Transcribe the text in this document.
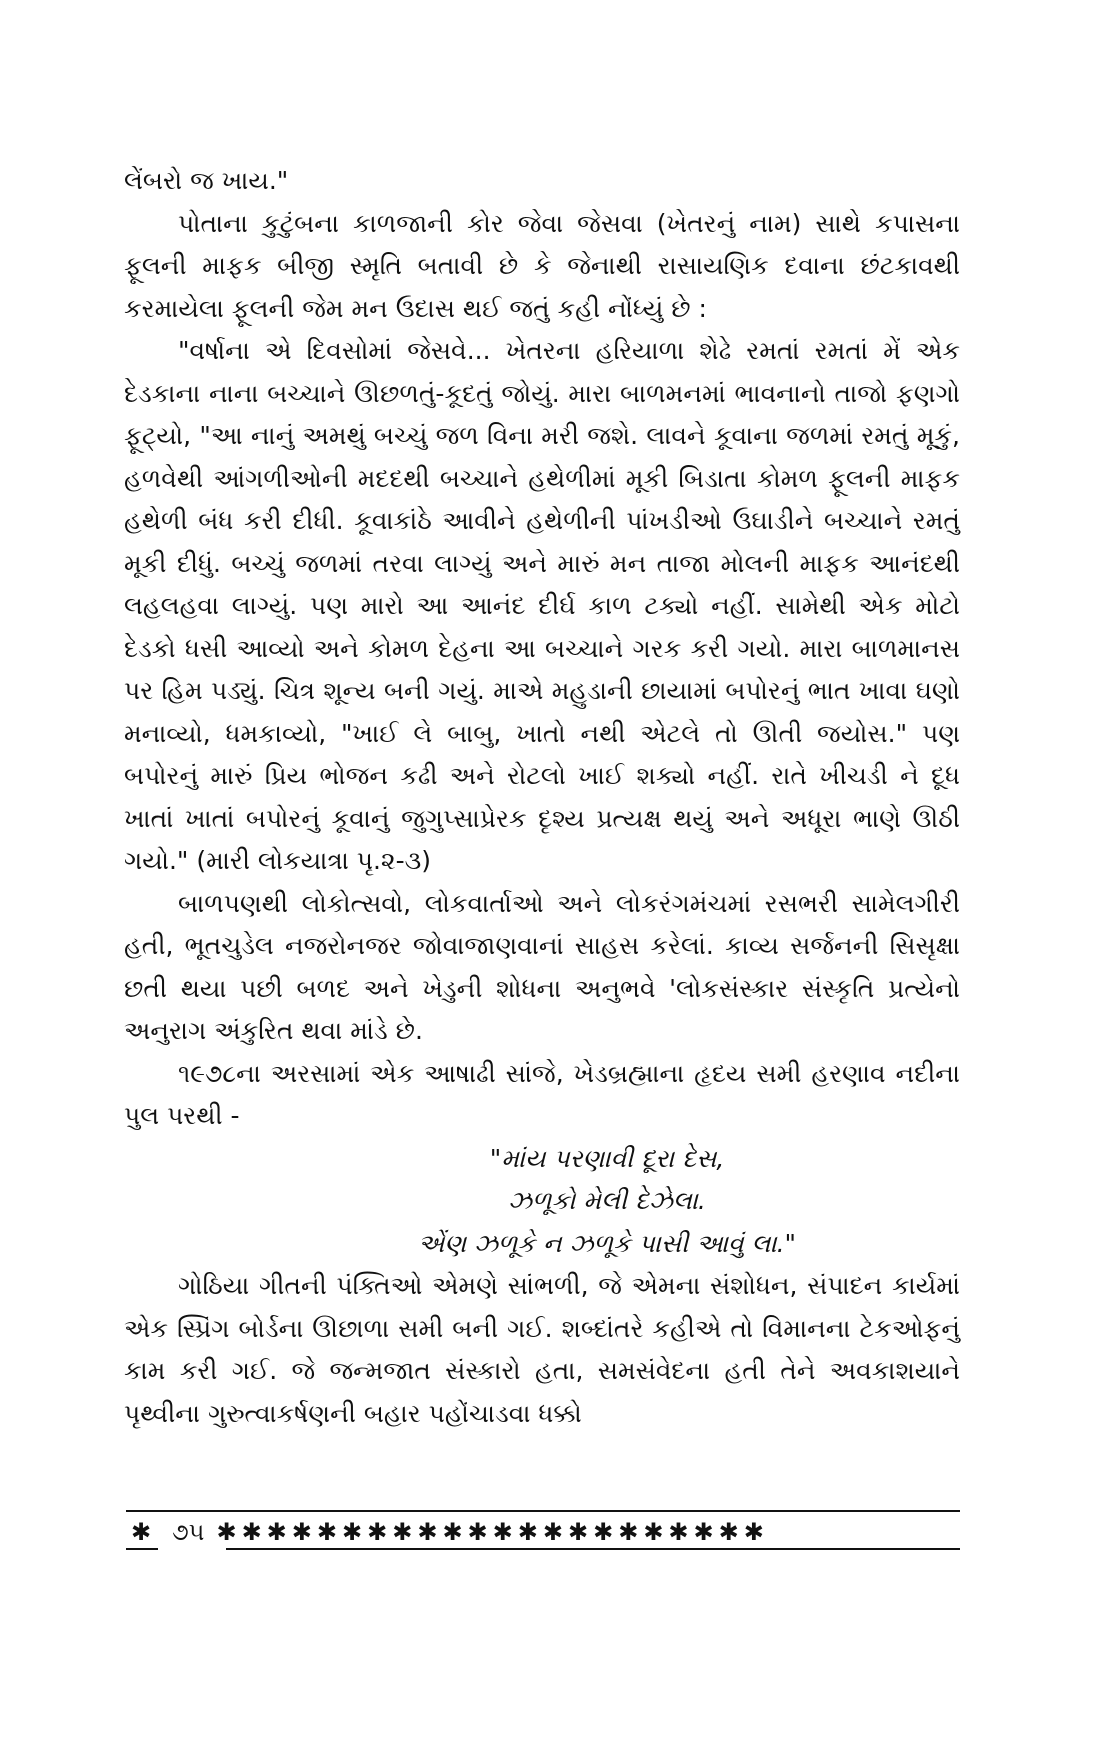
લેંબરો જ ખાય."

પોતાના કુટુંબના કાળજાની કોર જેવા જેસવા (ખેતરનું નામ) સાથે કપાસના ફૂલની માફક બીજી સ્મૃતિ બતાવી છે કે જેનાથી રાસાયણિક દવાના છંટકાવથી કરમાયેલા ફૂલની જેમ મન ઉદાસ થઈ જતું કહી નોંધ્યું છે :

"વર્ષાના એ દિવસોમાં જેસવે... ખેતરના હરિયાળા શેઢે રમતાં રમતાં મેં એક દેડકાના નાના બચ્ચાને ઊછળતું-કૂદતું જોયું. મારા બાળમનમાં ભાવનાનો તાજો ફણગો ફૂટ્યો, "આ નાનું અમથું બચ્ચું જળ વિના મરી જશે. લાવને કૂવાના જળમાં રમતું મૂકું, હળવેથી આંગળીઓની મદદથી બચ્ચાને હથેળીમાં મૂકી બિડાતા કોમળ ફૂલની માફક હથેળી બંધ કરી દીધી. કૂવાકાંઠે આવીને હથેળીની પાંખડીઓ ઉઘાડીને બચ્ચાને રમતું મૂકી દીધું. બચ્ચું જળમાં તરવા લાગ્યું અને મારું મન તાજા મોલની માફક આનંદથી લહલહવા લાગ્યું. પણ મારો આ આનંદ દીર્ઘ કાળ ટક્યો નહીં. સામેથી એક મોટો દેડકો ધસી આવ્યો અને કોમળ દેહના આ બચ્ચાને ગરક કરી ગયો. મારા બાળમાનસ પર હિમ પડ્યું. ચિત્ર શૂન્ય બની ગયું. માએ મહુડાની છાયામાં બપોરનું ભાત ખાવા ઘણો મનાવ્યો, ધમકાવ્યો, "ખાઈ લે બાબુ, ખાતો નથી એટલે તો ઊતી જયોસ." પણ બપોરનું મારું પ્રિય ભોજન કઢી અને રોટલો ખાઈ શક્યો નહીં. રાતે ખીચડી ને દૂધ ખાતાં ખાતાં બપોરનું કૂવાનું જુગુપ્સાપ્રેરક દૃશ્ય પ્રત્યક્ષ થયું અને અધૂરા ભાણે ઊઠી ગયો." (મારી લોકયાત્રા પૃ.૨-૩)

બાળપણથી લોકોત્સવો, લોકવાર્તાઓ અને લોકરંગમંચમાં રસભરી સામેલગીરી હતી, ભૂતચુડેલ નજરોનજર જોવાજાણવાનાં સાહસ કરેલાં. કાવ્ય સર્જનની સિસૃક્ષા છતી થયા પછી બળદ અને ખેડુની શોધના અનુભવે 'લોકસંસ્કાર સંસ્કૃતિ પ્રત્યેનો અનુરાગ અંકુરિત થવા માંડે છે.

૧૯૭૮ના અરસામાં એક આષાઢી સાંજે, ખેડબ્રહ્માના હૃદય સમી હરણાવ નદીના પુલ પરથી -

"માંય પરણાવી દૂરા દેસ,

ઝળૂકો મેલી દેઝેલા.

એંણ ઝળૂકે ન ઝળૂકે પાસી આવું લા."

ગોઠિયા ગીતની પંક્તિઓ એમણે સાંભળી, જે એમના સંશોધન, સંપાદન કાર્યમાં એક સ્પ્રિંગ બોર્ડના ઊછાળા સમી બની ગઈ. શબ્દાંતરે કહીએ તો વિમાનના ટેકઓફનું કામ કરી ગઈ. જે જન્મજાત સંસ્કારો હતા, સમસંવેદના હતી તેને અવકાશયાને પૃથ્વીના ગુરુત્વાકર્ષણની બહાર પહોંચાડવા ધક્કો

✱ ૭૫ ✱✱✱✱✱✱✱✱✱✱✱✱✱✱✱✱✱✱✱✱✱✱
